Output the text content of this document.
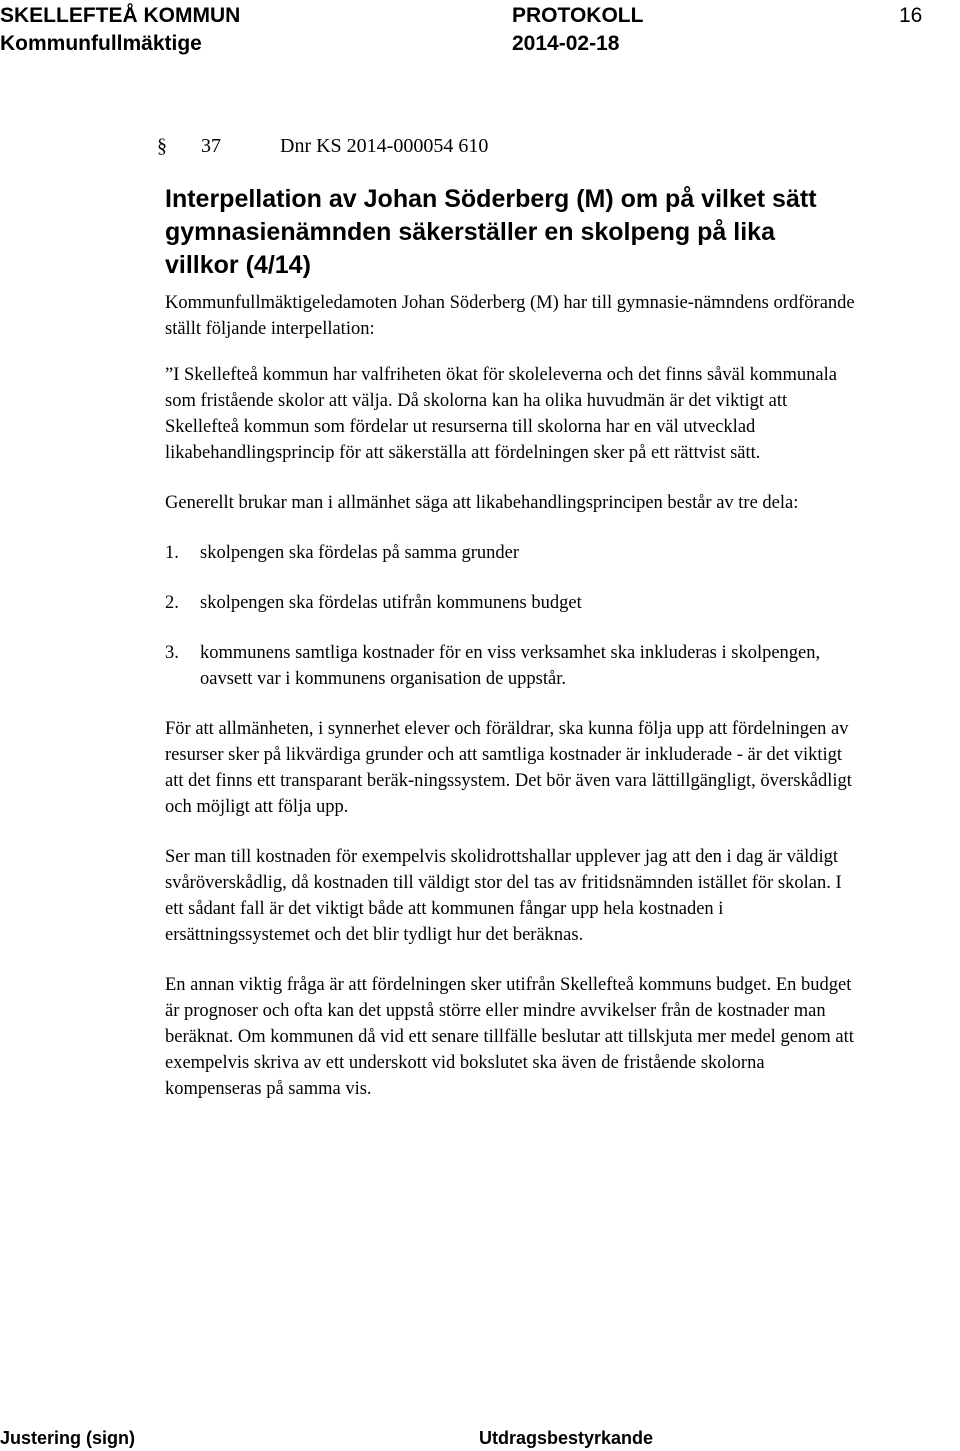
SKELLEFTEÅ KOMMUN
Kommunfullmäktige
PROTOKOLL
2014-02-18
16
§ 37	Dnr KS 2014-000054 610
Interpellation av Johan Söderberg (M) om på vilket sätt gymnasienämnden säkerställer en skolpeng på lika villkor (4/14)

Kommunfullmäktigeledamoten Johan Söderberg (M) har till gymnasie-nämndens ordförande ställt följande interpellation:

”I Skellefteå kommun har valfriheten ökat för skoleleverna och det finns såväl kommunala som fristående skolor att välja. Då skolorna kan ha olika huvudmän är det viktigt att Skellefteå kommun som fördelar ut resurserna till skolorna har en väl utvecklad likabehandlingsprincip för att säkerställa att fördelningen sker på ett rättvist sätt.

Generellt brukar man i allmänhet säga att likabehandlingsprincipen består av tre dela:

1.	skolpengen ska fördelas på samma grunder
2.	skolpengen ska fördelas utifrån kommunens budget
3.	kommunens samtliga kostnader för en viss verksamhet ska inkluderas i skolpengen, oavsett var i kommunens organisation de uppstår.

För att allmänheten, i synnerhet elever och föräldrar, ska kunna följa upp att fördelningen av resurser sker på likvärdiga grunder och att samtliga kostnader är inkluderade - är det viktigt att det finns ett transparant beräk-ningssystem. Det bör även vara lättillgängligt, överskådligt och möjligt att följa upp.

Ser man till kostnaden för exempelvis skolidrottshallar upplever jag att den i dag är väldigt svåröverskådlig, då kostnaden till väldigt stor del tas av fritidsnämnden istället för skolan. I ett sådant fall är det viktigt både att kommunen fångar upp hela kostnaden i ersättningssystemet och det blir tydligt hur det beräknas.

En annan viktig fråga är att fördelningen sker utifrån Skellefteå kommuns budget. En budget är prognoser och ofta kan det uppstå större eller mindre avvikelser från de kostnader man beräknat. Om kommunen då vid ett senare tillfälle beslutar att tillskjuta mer medel genom att exempelvis skriva av ett underskott vid bokslutet ska även de fristående skolorna kompenseras på samma vis.

Justering (sign)	Utdragsbestyrkande
